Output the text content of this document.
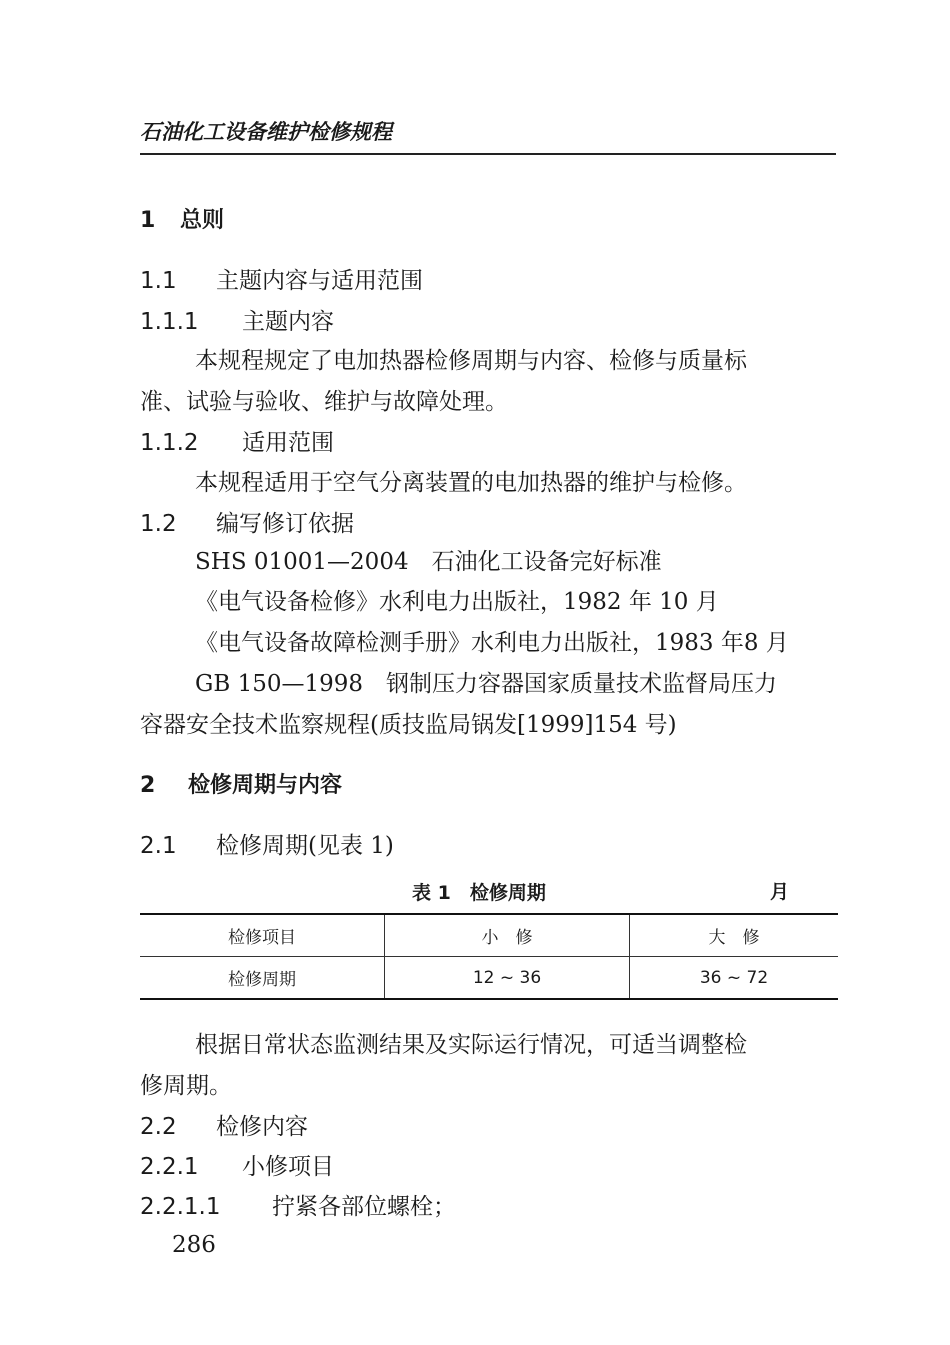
石油化工设备维护检修规程
1 总则
1.1 主题内容与适用范围
1.1.1 主题内容
本规程规定了电加热器检修周期与内容、检修与质量标
准、试验与验收、维护与故障处理。
1.1.2 适用范围
本规程适用于空气分离装置的电加热器的维护与检修。
1.2 编写修订依据
SHS 01001—2004　石油化工设备完好标准
《电气设备检修》水利电力出版社，1982 年 10 月
《电气设备故障检测手册》水利电力出版社，1983 年8 月
GB 150—1998　钢制压力容器国家质量技术监督局压力
容器安全技术监察规程(质技监局锅发[1999]154 号)
2 检修周期与内容
2.1 检修周期(见表 1)
表 1　检修周期	月
检修项目	小　修	大　修
检修周期	12 ~ 36	36 ~ 72
根据日常状态监测结果及实际运行情况，可适当调整检
修周期。
2.2 检修内容
2.2.1 小修项目
2.2.1.1 拧紧各部位螺栓；
286
